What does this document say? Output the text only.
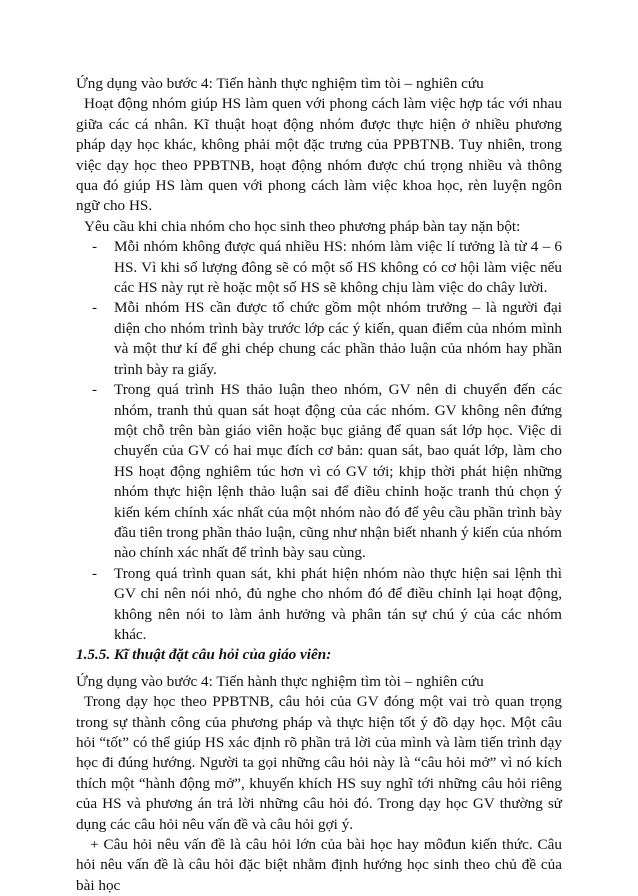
Ứng dụng vào bước 4: Tiến hành thực nghiệm tìm tòi – nghiên cứu

Hoạt động nhóm giúp HS làm quen với phong cách làm việc hợp tác với nhau giữa các cá nhân. Kĩ thuật hoạt động nhóm được thực hiện ở nhiều phương pháp dạy học khác, không phải một đặc trưng của PPBTNB. Tuy nhiên, trong việc dạy học theo PPBTNB, hoạt động nhóm được chú trọng nhiều và thông qua đó giúp HS làm quen với phong cách làm việc khoa học, rèn luyện ngôn ngữ cho HS.

Yêu cầu khi chia nhóm cho học sinh theo phương pháp bàn tay nặn bột:

- Mỗi nhóm không được quá nhiều HS: nhóm làm việc lí tưởng là từ 4 – 6 HS. Vì khi số lượng đông sẽ có một số HS không có cơ hội làm việc nếu các HS này rụt rè hoặc một số HS sẽ không chịu làm việc do chây lười.
- Mỗi nhóm HS cần được tổ chức gồm một nhóm trưởng – là người đại diện cho nhóm trình bày trước lớp các ý kiến, quan điểm của nhóm mình và một thư kí để ghi chép chung các phần thảo luận của nhóm hay phần trình bày ra giấy.
- Trong quá trình HS thảo luận theo nhóm, GV nên di chuyển đến các nhóm, tranh thủ quan sát hoạt động của các nhóm. GV không nên đứng một chỗ trên bàn giáo viên hoặc bục giảng để quan sát lớp học. Việc di chuyển của GV có hai mục đích cơ bản: quan sát, bao quát lớp, làm cho HS hoạt động nghiêm túc hơn vì có GV tới; khịp thời phát hiện những nhóm thực hiện lệnh thảo luận sai để điều chỉnh hoặc tranh thủ chọn ý kiến kém chính xác nhất của một nhóm nào đó để yêu cầu phần trình bày đầu tiên trong phần thảo luận, cũng như nhận biết nhanh ý kiến của nhóm nào chính xác nhất để trình bày sau cùng.
- Trong quá trình quan sát, khi phát hiện nhóm nào thực hiện sai lệnh thì GV chỉ nên nói nhỏ, đủ nghe cho nhóm đó để điều chỉnh lại hoạt động, không nên nói to làm ảnh hưởng và phân tán sự chú ý của các nhóm khác.
1.5.5. Kĩ thuật đặt câu hỏi của giáo viên:

Ứng dụng vào bước 4: Tiến hành thực nghiệm tìm tòi – nghiên cứu

Trong dạy học theo PPBTNB, câu hỏi của GV đóng một vai trò quan trọng trong sự thành công của phương pháp và thực hiện tốt ý đồ dạy học. Một câu hỏi “tốt” có thể giúp HS xác định rõ phần trả lời của mình và làm tiến trình dạy học đi đúng hướng. Người ta gọi những câu hỏi này là “câu hỏi mở” vì nó kích thích một “hành động mở”, khuyến khích HS suy nghĩ tới những câu hỏi riêng của HS và phương án trả lời những câu hỏi đó. Trong dạy học GV thường sử dụng các câu hỏi nêu vấn đề và câu hỏi gợi ý.

+ Câu hỏi nêu vấn đề là câu hỏi lớn của bài học hay môđun kiến thức. Câu hỏi nêu vấn đề là câu hỏi đặc biệt nhằm định hướng học sinh theo chủ đề của bài học
